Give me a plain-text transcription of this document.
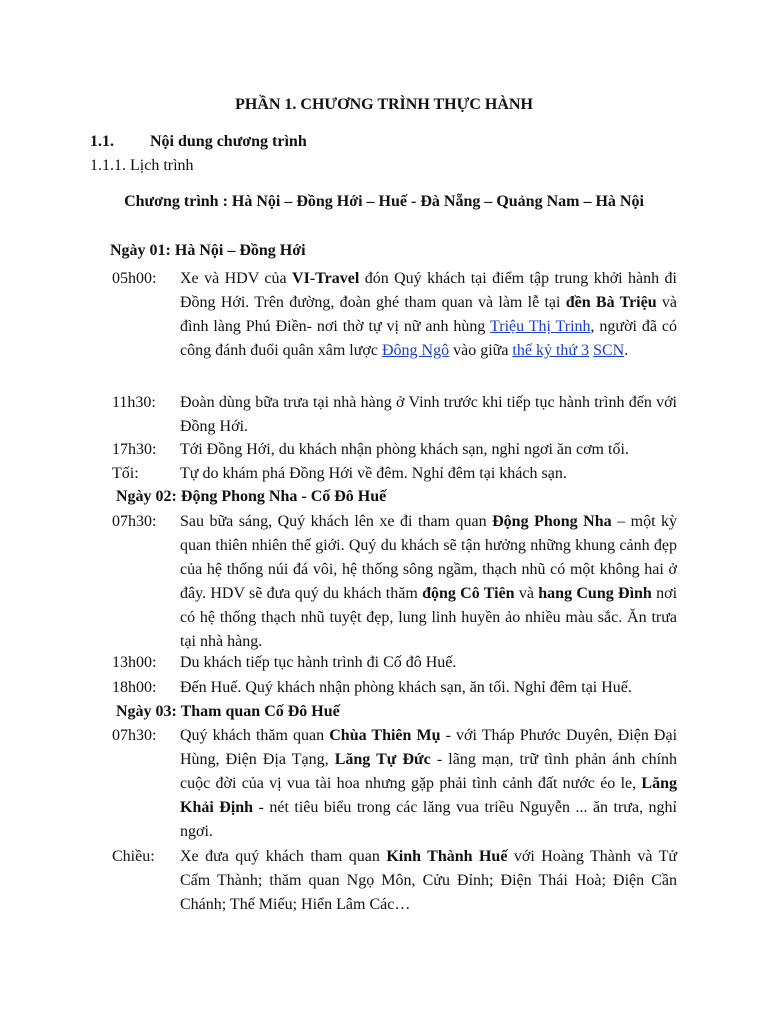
PHẦN 1. CHƯƠNG TRÌNH THỰC HÀNH

1.1. Nội dung chương trình

1.1.1. Lịch trình

Chương trình : Hà Nội – Đồng Hới – Huế - Đà Nẵng – Quảng Nam – Hà Nội

Ngày 01: Hà Nội – Đồng Hới

05h00:	Xe và HDV của VI-Travel đón Quý khách tại điểm tập trung khởi hành đi Đồng Hới. Trên đường, đoàn ghé tham quan và làm lễ tại đền Bà Triệu và đình làng Phú Điền- nơi thờ tự vị nữ anh hùng Triệu Thị Trinh, người đã có công đánh đuổi quân xâm lược Đông Ngô vào giữa thế kỷ thứ 3 SCN.

11h30:	Đoàn dùng bữa trưa tại nhà hàng ở Vinh trước khi tiếp tục hành trình đến với Đồng Hới.

17h30:	Tới Đồng Hới, du khách nhận phòng khách sạn, nghỉ ngơi ăn cơm tối.

Tối:	Tự do khám phá Đồng Hới về đêm. Nghỉ đêm tại khách sạn.

Ngày 02: Động Phong Nha - Cố Đô Huế

07h30:	Sau bữa sáng, Quý khách lên xe đi tham quan Động Phong Nha – một kỳ quan thiên nhiên thế giới. Quý du khách sẽ tận hưởng những khung cảnh đẹp của hệ thống núi đá vôi, hệ thống sông ngầm, thạch nhũ có một không hai ở đây. HDV sẽ đưa quý du khách thăm động Cô Tiên và hang Cung Đình nơi có hệ thống thạch nhũ tuyệt đẹp, lung linh huyền ảo nhiều màu sắc. Ăn trưa tại nhà hàng.

13h00:	Du khách tiếp tục hành trình đi Cố đô Huế.

18h00:	Đến Huế. Quý khách nhận phòng khách sạn, ăn tối. Nghỉ đêm tại Huế.

Ngày 03: Tham quan Cố Đô Huế

07h30:	Quý khách thăm quan Chùa Thiên Mụ - với Tháp Phước Duyên, Điện Đại Hùng, Điện Địa Tạng, Lăng Tự Đức - lãng mạn, trữ tình phản ánh chính cuộc đời của vị vua tài hoa nhưng gặp phải tình cảnh đất nước éo le, Lăng Khải Định - nét tiêu biểu trong các lăng vua triều Nguyễn ... ăn trưa, nghỉ ngơi.

Chiều:	Xe đưa quý khách tham quan Kinh Thành Huế với Hoàng Thành và Tử Cấm Thành; thăm quan Ngọ Môn, Cửu Đỉnh; Điện Thái Hoà; Điện Cần Chánh; Thế Miếu; Hiển Lâm Các…
